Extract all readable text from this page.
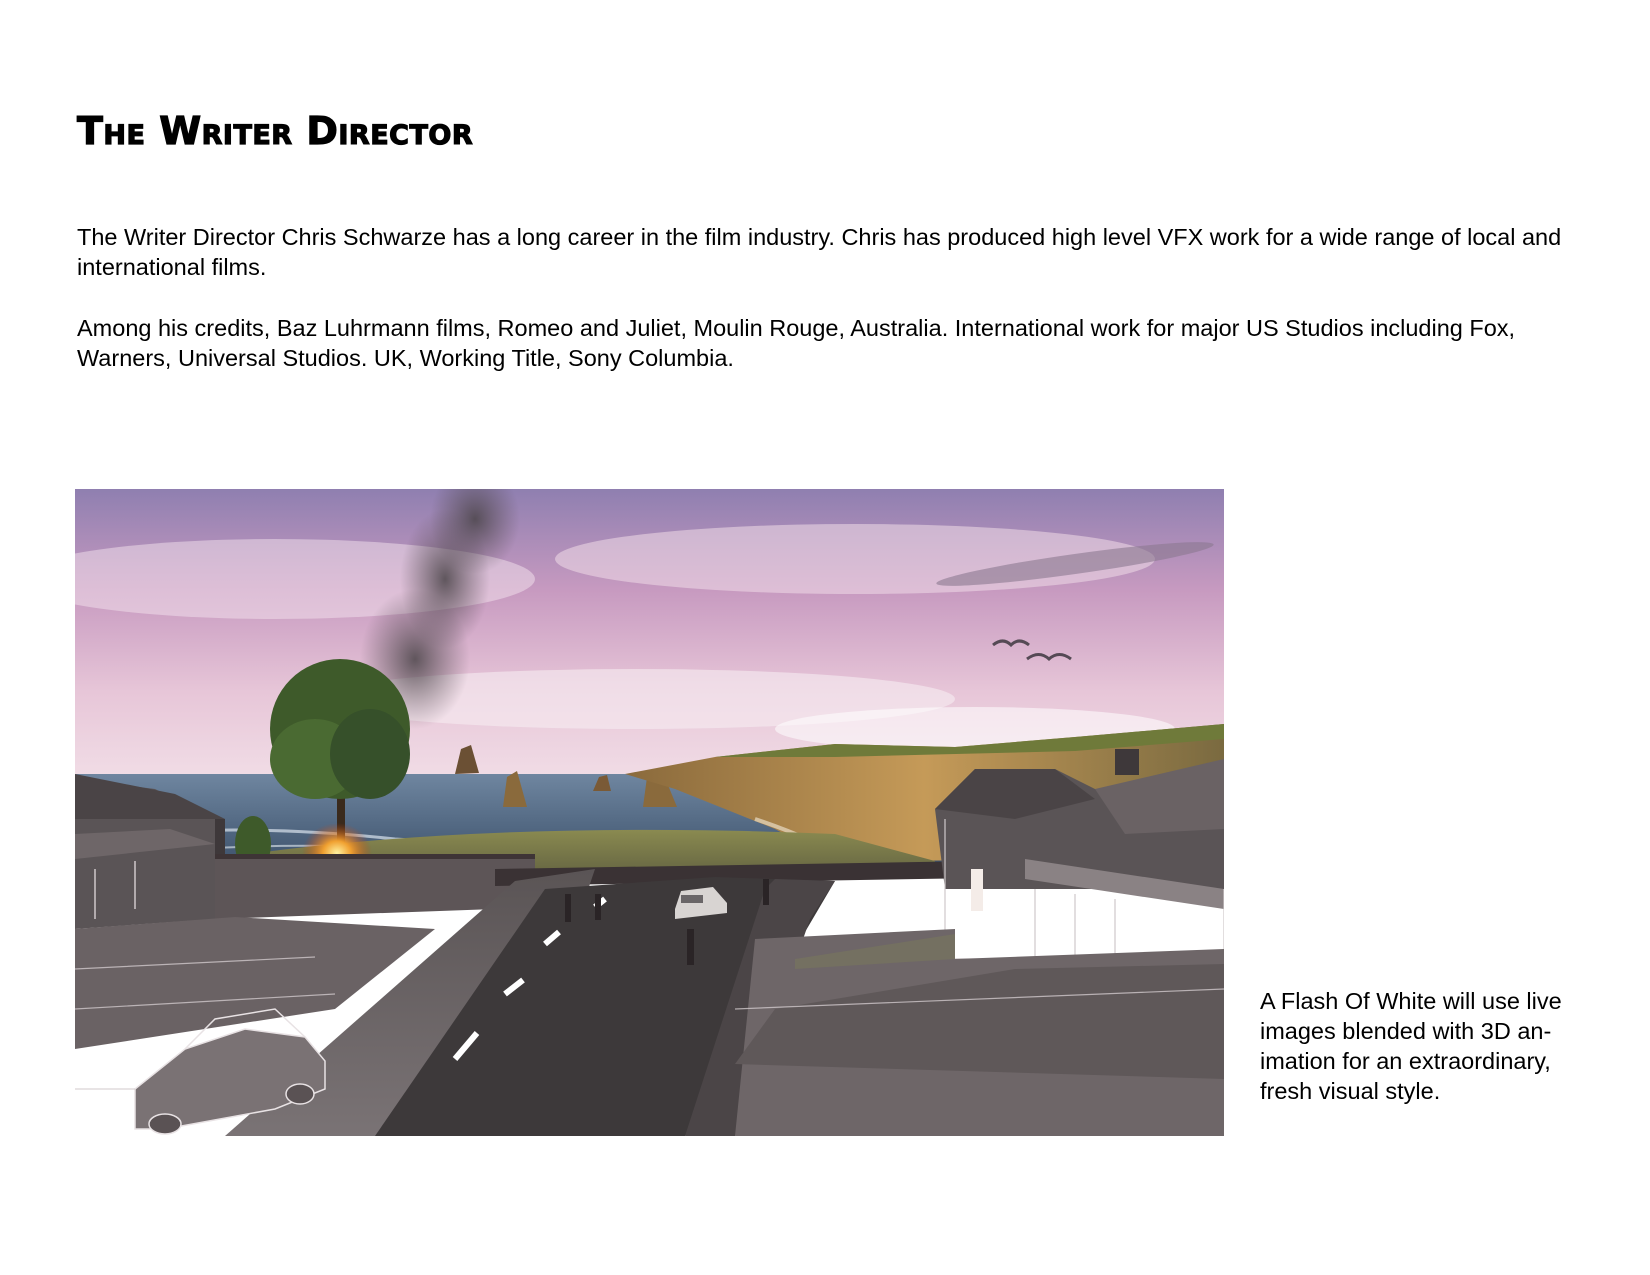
The Writer Director

The Writer Director Chris Schwarze has a long career in the film industry. Chris has produced high level VFX work for a wide range of local and international films.

Among his credits, Baz Luhrmann films, Romeo and Juliet, Moulin Rouge, Australia. International work for major US Studios including Fox, Warners, Universal Studios. UK, Working Title, Sony Columbia.

A Flash Of White will use live
images blended with 3D an-
imation for an extraordinary,
fresh visual style.
